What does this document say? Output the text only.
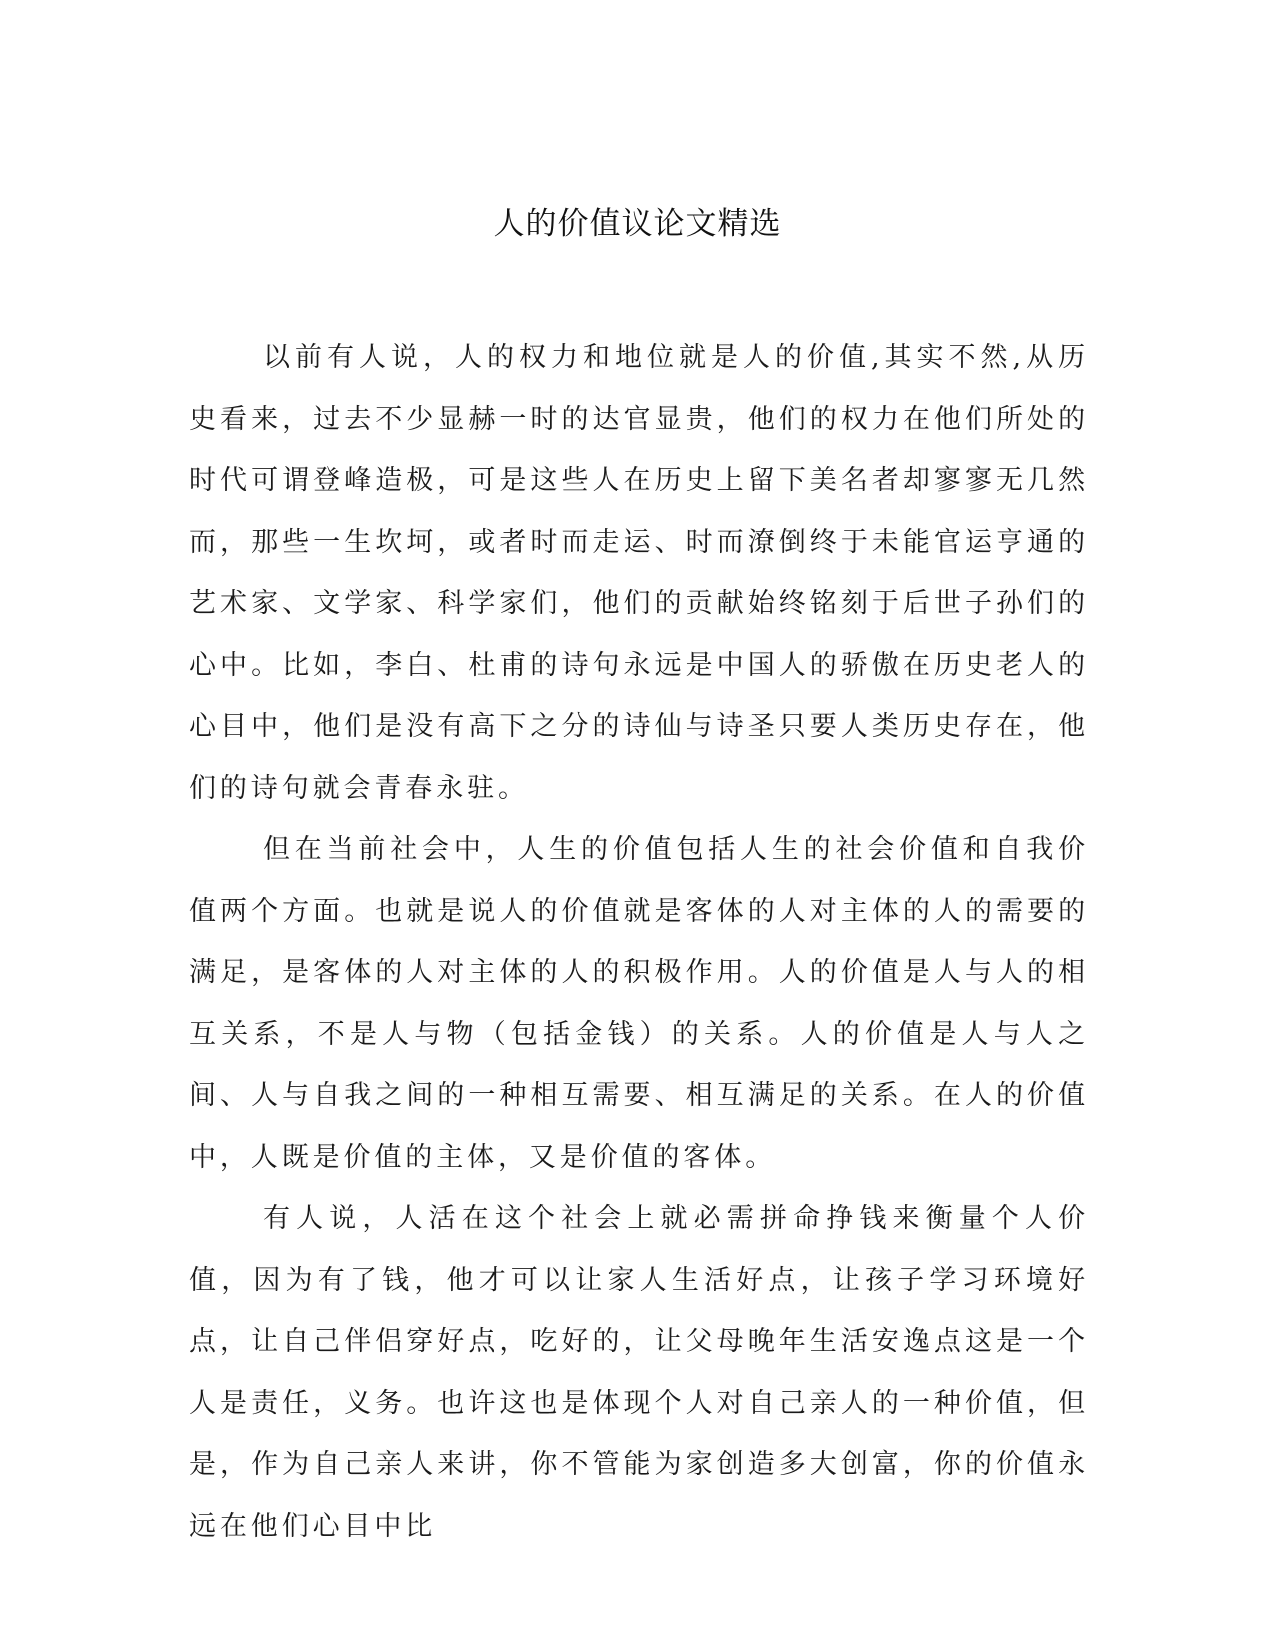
人的价值议论文精选

以前有人说，人的权力和地位就是人的价值,其实不然,从历史看来，过去不少显赫一时的达官显贵，他们的权力在他们所处的时代可谓登峰造极，可是这些人在历史上留下美名者却寥寥无几然而，那些一生坎坷，或者时而走运、时而潦倒终于未能官运亨通的艺术家、文学家、科学家们，他们的贡献始终铭刻于后世子孙们的心中。比如，李白、杜甫的诗句永远是中国人的骄傲在历史老人的心目中，他们是没有高下之分的诗仙与诗圣只要人类历史存在，他们的诗句就会青春永驻。

但在当前社会中，人生的价值包括人生的社会价值和自我价值两个方面。也就是说人的价值就是客体的人对主体的人的需要的满足，是客体的人对主体的人的积极作用。人的价值是人与人的相互关系，不是人与物（包括金钱）的关系。人的价值是人与人之间、人与自我之间的一种相互需要、相互满足的关系。在人的价值中，人既是价值的主体，又是价值的客体。

有人说，人活在这个社会上就必需拼命挣钱来衡量个人价值，因为有了钱，他才可以让家人生活好点，让孩子学习环境好点，让自己伴侣穿好点，吃好的，让父母晚年生活安逸点这是一个人是责任，义务。也许这也是体现个人对自己亲人的一种价值，但是，作为自己亲人来讲，你不管能为家创造多大创富，你的价值永远在他们心目中比
